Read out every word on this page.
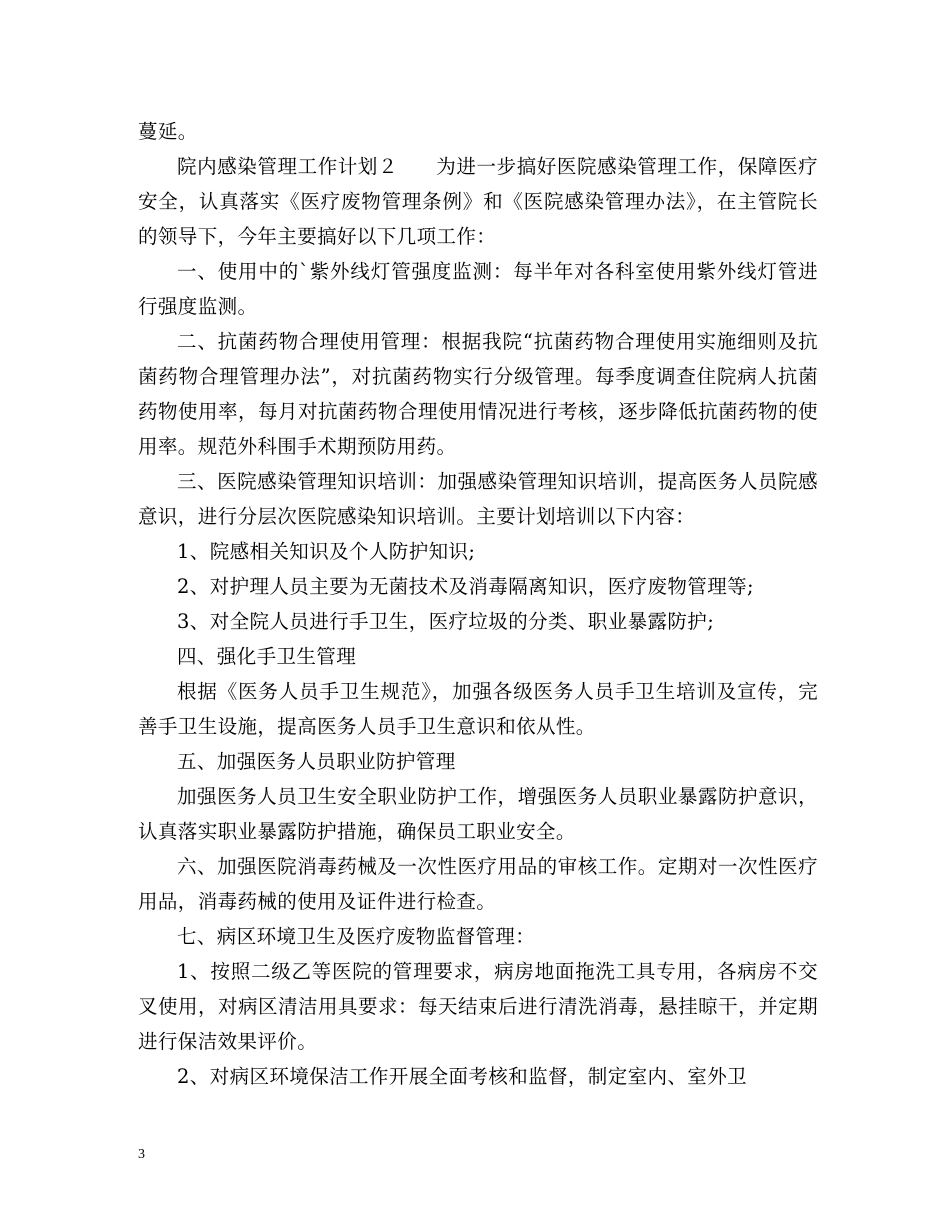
蔓延。

院内感染管理工作计划２ 为进一步搞好医院感染管理工作，保障医疗安全，认真落实《医疗废物管理条例》和《医院感染管理办法》，在主管院长的领导下，今年主要搞好以下几项工作：

一、使用中的`紫外线灯管强度监测：每半年对各科室使用紫外线灯管进行强度监测。

二、抗菌药物合理使用管理：根据我院“抗菌药物合理使用实施细则及抗菌药物合理管理办法”，对抗菌药物实行分级管理。每季度调查住院病人抗菌药物使用率，每月对抗菌药物合理使用情况进行考核，逐步降低抗菌药物的使用率。规范外科围手术期预防用药。

三、医院感染管理知识培训：加强感染管理知识培训，提高医务人员院感意识，进行分层次医院感染知识培训。主要计划培训以下内容：

1、院感相关知识及个人防护知识;

2、对护理人员主要为无菌技术及消毒隔离知识，医疗废物管理等;

3、对全院人员进行手卫生，医疗垃圾的分类、职业暴露防护;

四、强化手卫生管理

根据《医务人员手卫生规范》，加强各级医务人员手卫生培训及宣传，完善手卫生设施，提高医务人员手卫生意识和依从性。

五、加强医务人员职业防护管理

加强医务人员卫生安全职业防护工作，增强医务人员职业暴露防护意识，认真落实职业暴露防护措施，确保员工职业安全。

六、加强医院消毒药械及一次性医疗用品的审核工作。定期对一次性医疗用品，消毒药械的使用及证件进行检查。

七、病区环境卫生及医疗废物监督管理：

1、按照二级乙等医院的管理要求，病房地面拖洗工具专用，各病房不交叉使用，对病区清洁用具要求：每天结束后进行清洗消毒，悬挂晾干，并定期进行保洁效果评价。

2、对病区环境保洁工作开展全面考核和监督，制定室内、室外卫

3
